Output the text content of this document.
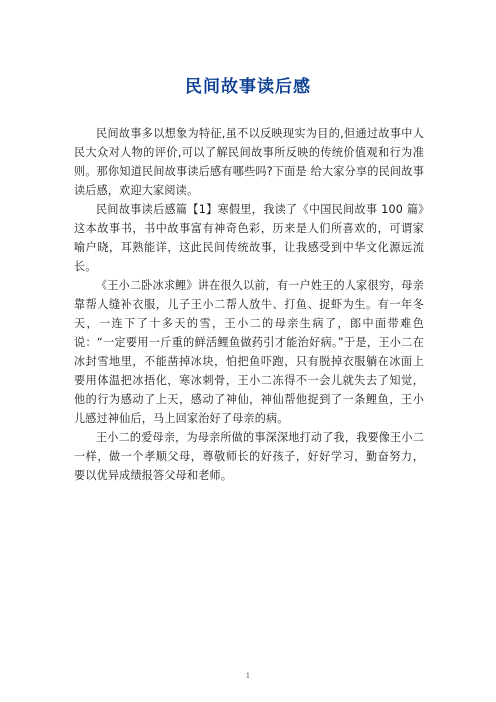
民间故事读后感

民间故事多以想象为特征,虽不以反映现实为目的,但通过故事中人民大众对人物的评价,可以了解民间故事所反映的传统价值观和行为准则。那你知道民间故事读后感有哪些吗?下面是 给大家分享的民间故事读后感，欢迎大家阅读。

民间故事读后感篇【1】寒假里，我读了《中国民间故事 100 篇》这本故事书，书中故事富有神奇色彩，历来是人们所喜欢的，可谓家喻户晓，耳熟能详，这此民间传统故事，让我感受到中华文化源远流长。

《王小二卧冰求鲤》讲在很久以前，有一户姓王的人家很穷，母亲靠帮人缝补衣服，儿子王小二帮人放牛、打鱼、捉虾为生。有一年冬天，一连下了十多天的雪，王小二的母亲生病了，郎中面带难色说：“一定要用一斤重的鲜活鲤鱼做药引才能治好病。”于是，王小二在冰封雪地里，不能凿掉冰块，怕把鱼吓跑，只有脱掉衣服躺在冰面上要用体温把冰捂化，寒冰刺骨，王小二冻得不一会儿就失去了知觉，他的行为感动了上天，感动了神仙，神仙帮他捉到了一条鲤鱼，王小儿感过神仙后，马上回家治好了母亲的病。

王小二的爱母亲，为母亲所做的事深深地打动了我，我要像王小二一样，做一个孝顺父母，尊敬师长的好孩子，好好学习，勤奋努力，要以优异成绩报答父母和老师。

1
